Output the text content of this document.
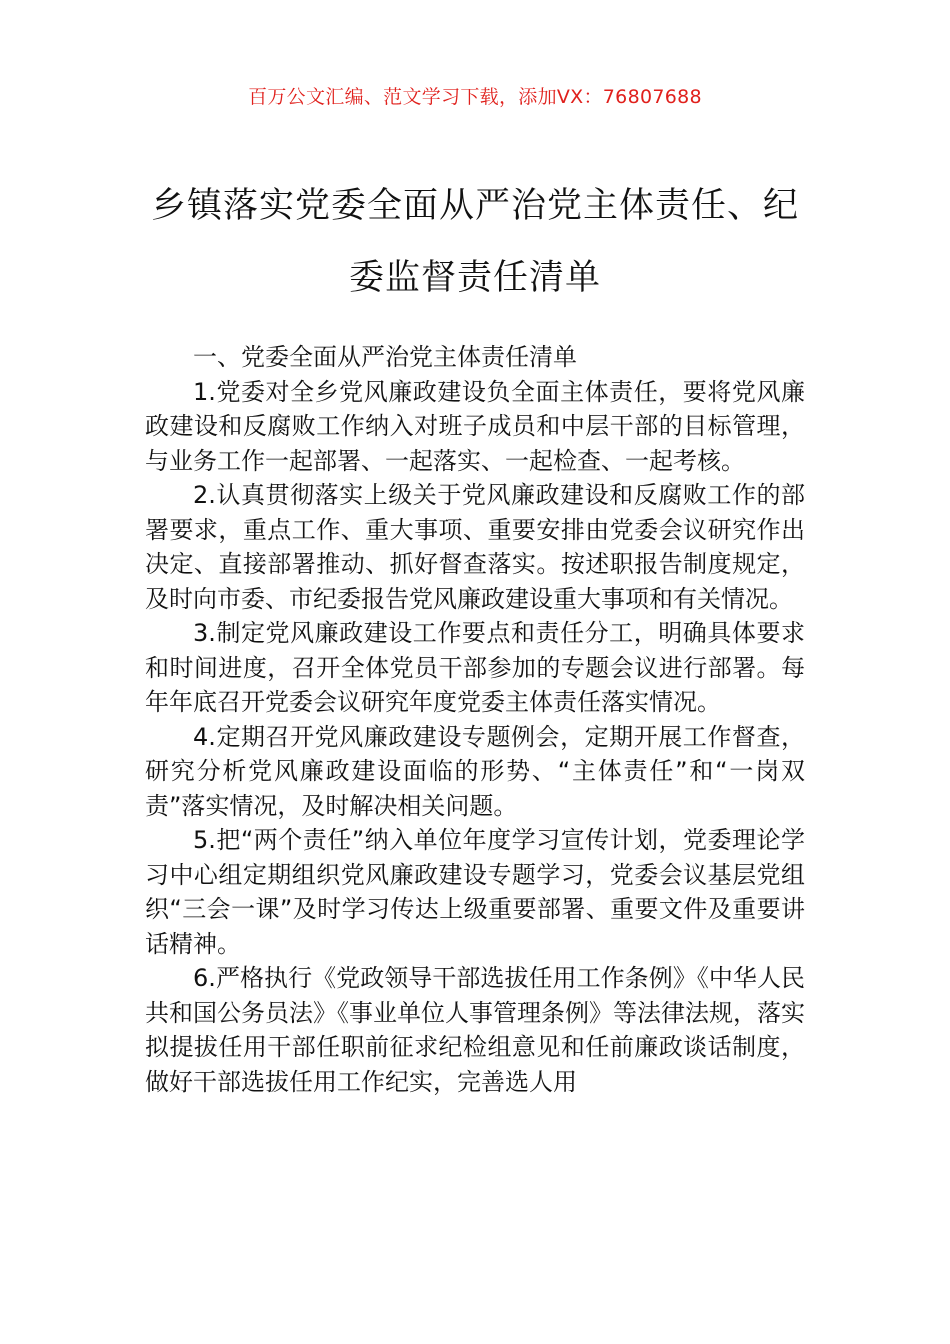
百万公文汇编、范文学习下载，添加VX：76807688
乡镇落实党委全面从严治党主体责任、纪
委监督责任清单

一、党委全面从严治党主体责任清单

1.党委对全乡党风廉政建设负全面主体责任，要将党风廉政建设和反腐败工作纳入对班子成员和中层干部的目标管理，与业务工作一起部署、一起落实、一起检查、一起考核。

2.认真贯彻落实上级关于党风廉政建设和反腐败工作的部署要求，重点工作、重大事项、重要安排由党委会议研究作出决定、直接部署推动、抓好督查落实。按述职报告制度规定，及时向市委、市纪委报告党风廉政建设重大事项和有关情况。

3.制定党风廉政建设工作要点和责任分工，明确具体要求和时间进度，召开全体党员干部参加的专题会议进行部署。每年年底召开党委会议研究年度党委主体责任落实情况。

4.定期召开党风廉政建设专题例会，定期开展工作督查，研究分析党风廉政建设面临的形势、“主体责任”和“一岗双责”落实情况，及时解决相关问题。

5.把“两个责任”纳入单位年度学习宣传计划，党委理论学习中心组定期组织党风廉政建设专题学习，党委会议基层党组织“三会一课”及时学习传达上级重要部署、重要文件及重要讲话精神。

6.严格执行《党政领导干部选拔任用工作条例》《中华人民共和国公务员法》《事业单位人事管理条例》等法律法规，落实拟提拔任用干部任职前征求纪检组意见和任前廉政谈话制度，做好干部选拔任用工作纪实，完善选人用
